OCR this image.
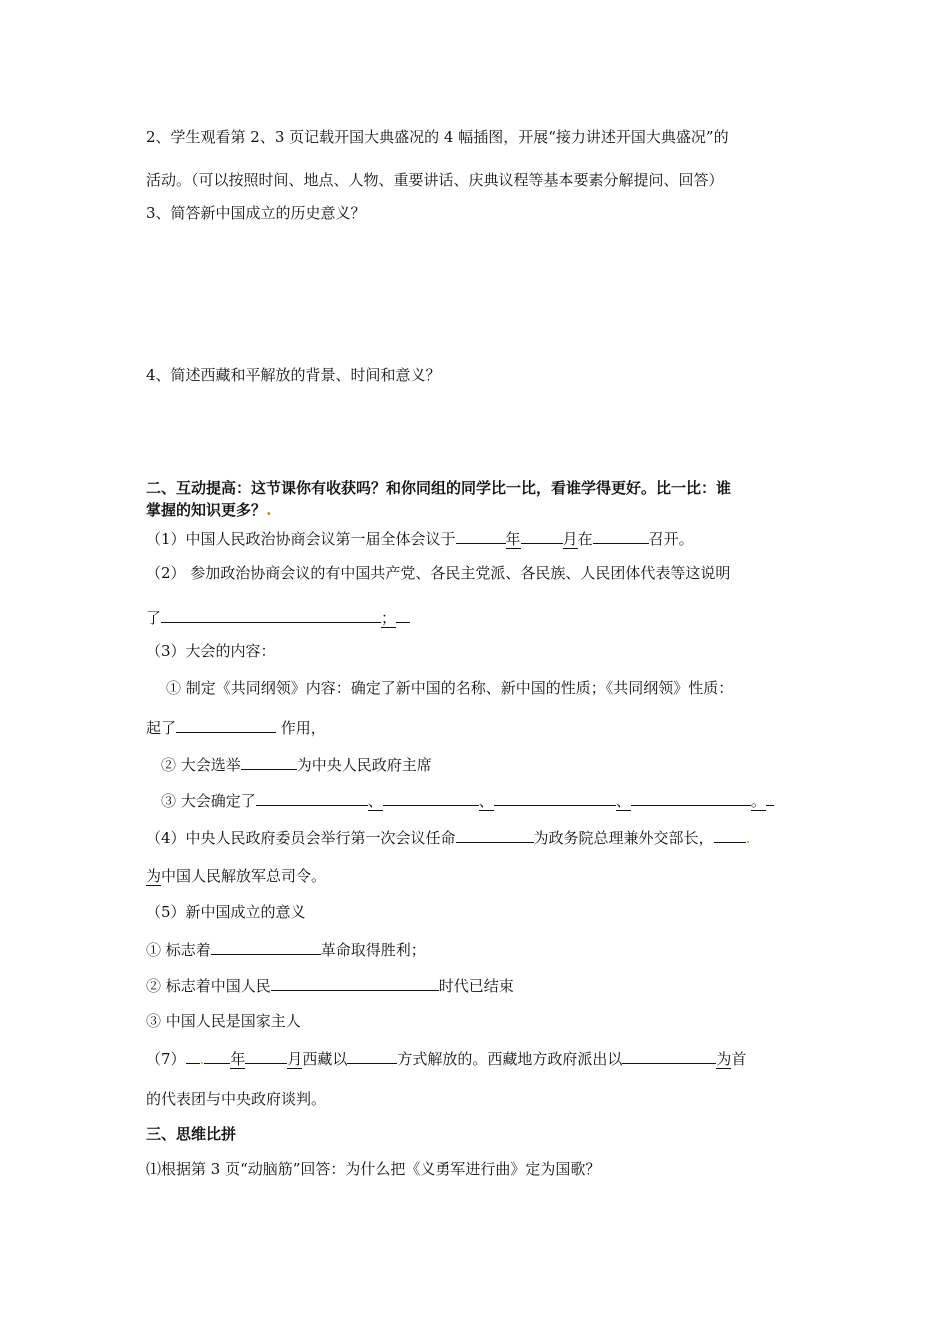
2、学生观看第 2、3 页记载开国大典盛况的 4 幅插图，开展“接力讲述开国大典盛况”的
活动。（可以按照时间、地点、人物、重要讲话、庆典议程等基本要素分解提问、回答）
3、简答新中国成立的历史意义？
4、简述西藏和平解放的背景、时间和意义？
二、互动提高：这节课你有收获吗？和你同组的同学比一比，看谁学得更好。比一比：谁
掌握的知识更多？.
（1）中国人民政治协商会议第一届全体会议于	年	月在	召开。
（2） 参加政治协商会议的有中国共产党、各民主党派、各民族、人民团体代表等这说明
了	；
（3）大会的内容：
① 制定《共同纲领》内容：确定了新中国的名称、新中国的性质；《共同纲领》性质：
起了	作用，
② 大会选举	为中央人民政府主席
③ 大会确定了	、	、	、	。
（4）中央人民政府委员会举行第一次会议任命	为政务院总理兼外交部长， .
为中国人民解放军总司令。
（5）新中国成立的意义
① 标志着	革命取得胜利；
② 标志着中国人民	时代已结束
③ 中国人民是国家主人
（7） . 年	月西藏以	方式解放的。西藏地方政府派出以	为首
的代表团与中央政府谈判。
三、思维比拼
⑴根据第 3 页“动脑筋”回答：为什么把《义勇军进行曲》定为国歌？
